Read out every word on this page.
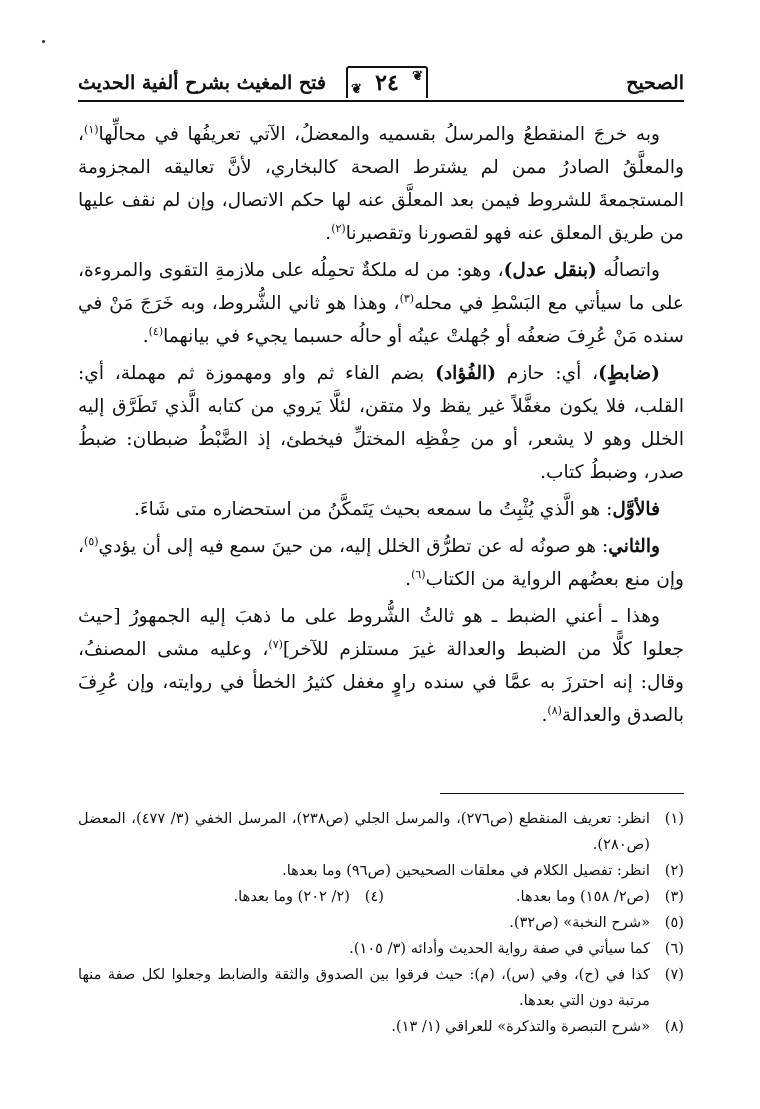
الصحيح
❦
٢٤
❦
فتح المغيث بشرح ألفية الحديث

وبه خرجَ المنقطعُ والمرسلُ بقسميه والمعضلُ، الآتي تعريفُها في محالِّها$^{(١)}$، والمعلَّقُ الصادرُ ممن لم يشترط الصحة كالبخاري، لأنَّ تعاليقه المجزومة المستجمعةَ للشروط فيمن بعد المعلَّق عنه لها حكم الاتصال، وإن لم نقف عليها من طريق المعلق عنه فهو لقصورنا وتقصيرنا$^{(٢)}$.

واتصالُه (بنقل عدل)، وهو: من له ملكةٌ تحمِلُه على ملازمةِ التقوى والمروءة، على ما سيأتي مع البَسْطِ في محله$^{(٣)}$، وهذا هو ثاني الشُّروط، وبه خَرَجَ مَنْ في سنده مَنْ عُرِفَ ضعفُه أو جُهلتْ عينُه أو حالُه حسبما يجيء في بيانهما$^{(٤)}$.

(ضابطٍ)، أي: حازم (الفُؤاد) بضم الفاء ثم واو ومهموزة ثم مهملة، أي: القلب، فلا يكون مغفَّلاً غير يقظ ولا متقن، لئلَّا يَروي من كتابه الَّذي تَطَرَّق إليه الخلل وهو لا يشعر، أو من حِفْظِه المختلِّ فيخطئ، إذ الضَّبْطُ ضبطان: ضبطُ صدر، وضبطُ كتاب.

فالأوَّل: هو الَّذي يُثْبِتُ ما سمعه بحيث يَتَمكَّنُ من استحضاره متى شَاءَ.

والثاني: هو صونُه له عن تطرُّق الخلل إليه، من حينَ سمع فيه إلى أن يؤدي$^{(٥)}$، وإن منع بعضُهم الرواية من الكتاب$^{(٦)}$.

وهذا ـ أعني الضبط ـ هو ثالثُ الشُّروط على ما ذهبَ إليه الجمهورُ [حيث جعلوا كلًّا من الضبط والعدالة غيرَ مستلزم للآخر]$^{(٧)}$، وعليه مشى المصنفُ، وقال: إنه احترزَ به عمَّا في سنده راوٍ مغفل كثيرُ الخطأ في روايته، وإن عُرِفَ بالصدق والعدالة$^{(٨)}$.

(١)
انظر: تعريف المنقطع (ص٢٧٦)، والمرسل الجلي (ص٢٣٨)، المرسل الخفي (٣/ ٤٧٧)، المعضل (ص٢٨٠).
(٢)
انظر: تفصيل الكلام في معلقات الصحيحين (ص٩٦) وما بعدها.
(٣)
(ص٢/ ١٥٨) وما بعدها.
(٤)
(٢/ ٢٠٢) وما بعدها.
(٥)
«شرح النخبة» (ص٣٢).
(٦)
كما سيأتي في صفة رواية الحديث وأدائه (٣/ ١٠٥).
(٧)
كذا في (ح)، وفي (س)، (م): حيث فرقوا بين الصدوق والثقة والضابط وجعلوا لكل صفة منها مرتبة دون التي بعدها.
(٨)
«شرح التبصرة والتذكرة» للعراقي (١/ ١٣).
